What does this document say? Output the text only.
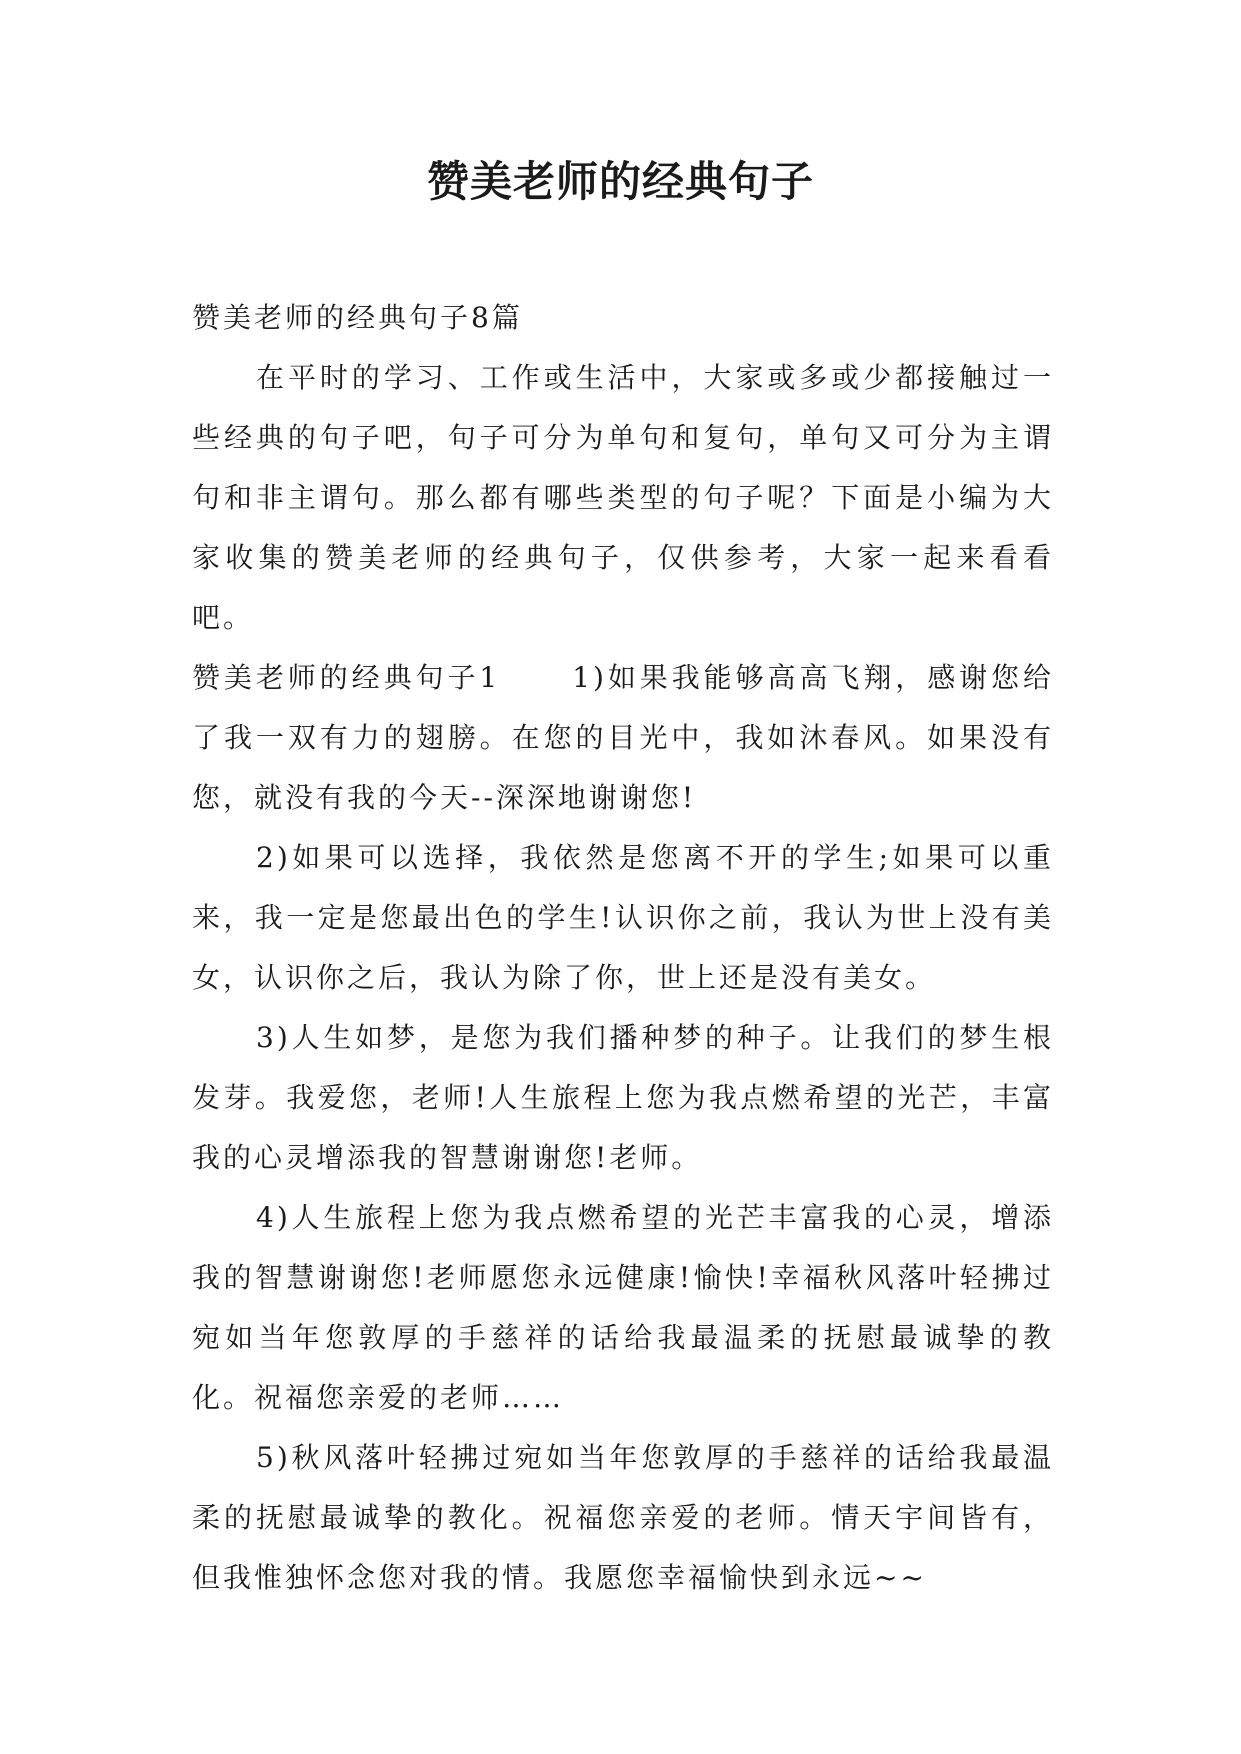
赞美老师的经典句子

赞美老师的经典句子8篇

在平时的学习、工作或生活中，大家或多或少都接触过一些经典的句子吧，句子可分为单句和复句，单句又可分为主谓句和非主谓句。那么都有哪些类型的句子呢？下面是小编为大家收集的赞美老师的经典句子，仅供参考，大家一起来看看吧。

赞美老师的经典句子1	1)如果我能够高高飞翔，感谢您给了我一双有力的翅膀。在您的目光中，我如沐春风。如果没有您，就没有我的今天--深深地谢谢您!

2)如果可以选择，我依然是您离不开的学生;如果可以重来，我一定是您最出色的学生!认识你之前，我认为世上没有美女，认识你之后，我认为除了你，世上还是没有美女。

3)人生如梦，是您为我们播种梦的种子。让我们的梦生根发芽。我爱您，老师!人生旅程上您为我点燃希望的光芒，丰富我的心灵增添我的智慧谢谢您!老师。

4)人生旅程上您为我点燃希望的光芒丰富我的心灵，增添我的智慧谢谢您!老师愿您永远健康!愉快!幸福秋风落叶轻拂过宛如当年您敦厚的手慈祥的话给我最温柔的抚慰最诚挚的教化。祝福您亲爱的老师……

5)秋风落叶轻拂过宛如当年您敦厚的手慈祥的话给我最温柔的抚慰最诚挚的教化。祝福您亲爱的老师。情天宇间皆有，但我惟独怀念您对我的情。我愿您幸福愉快到永远~~
